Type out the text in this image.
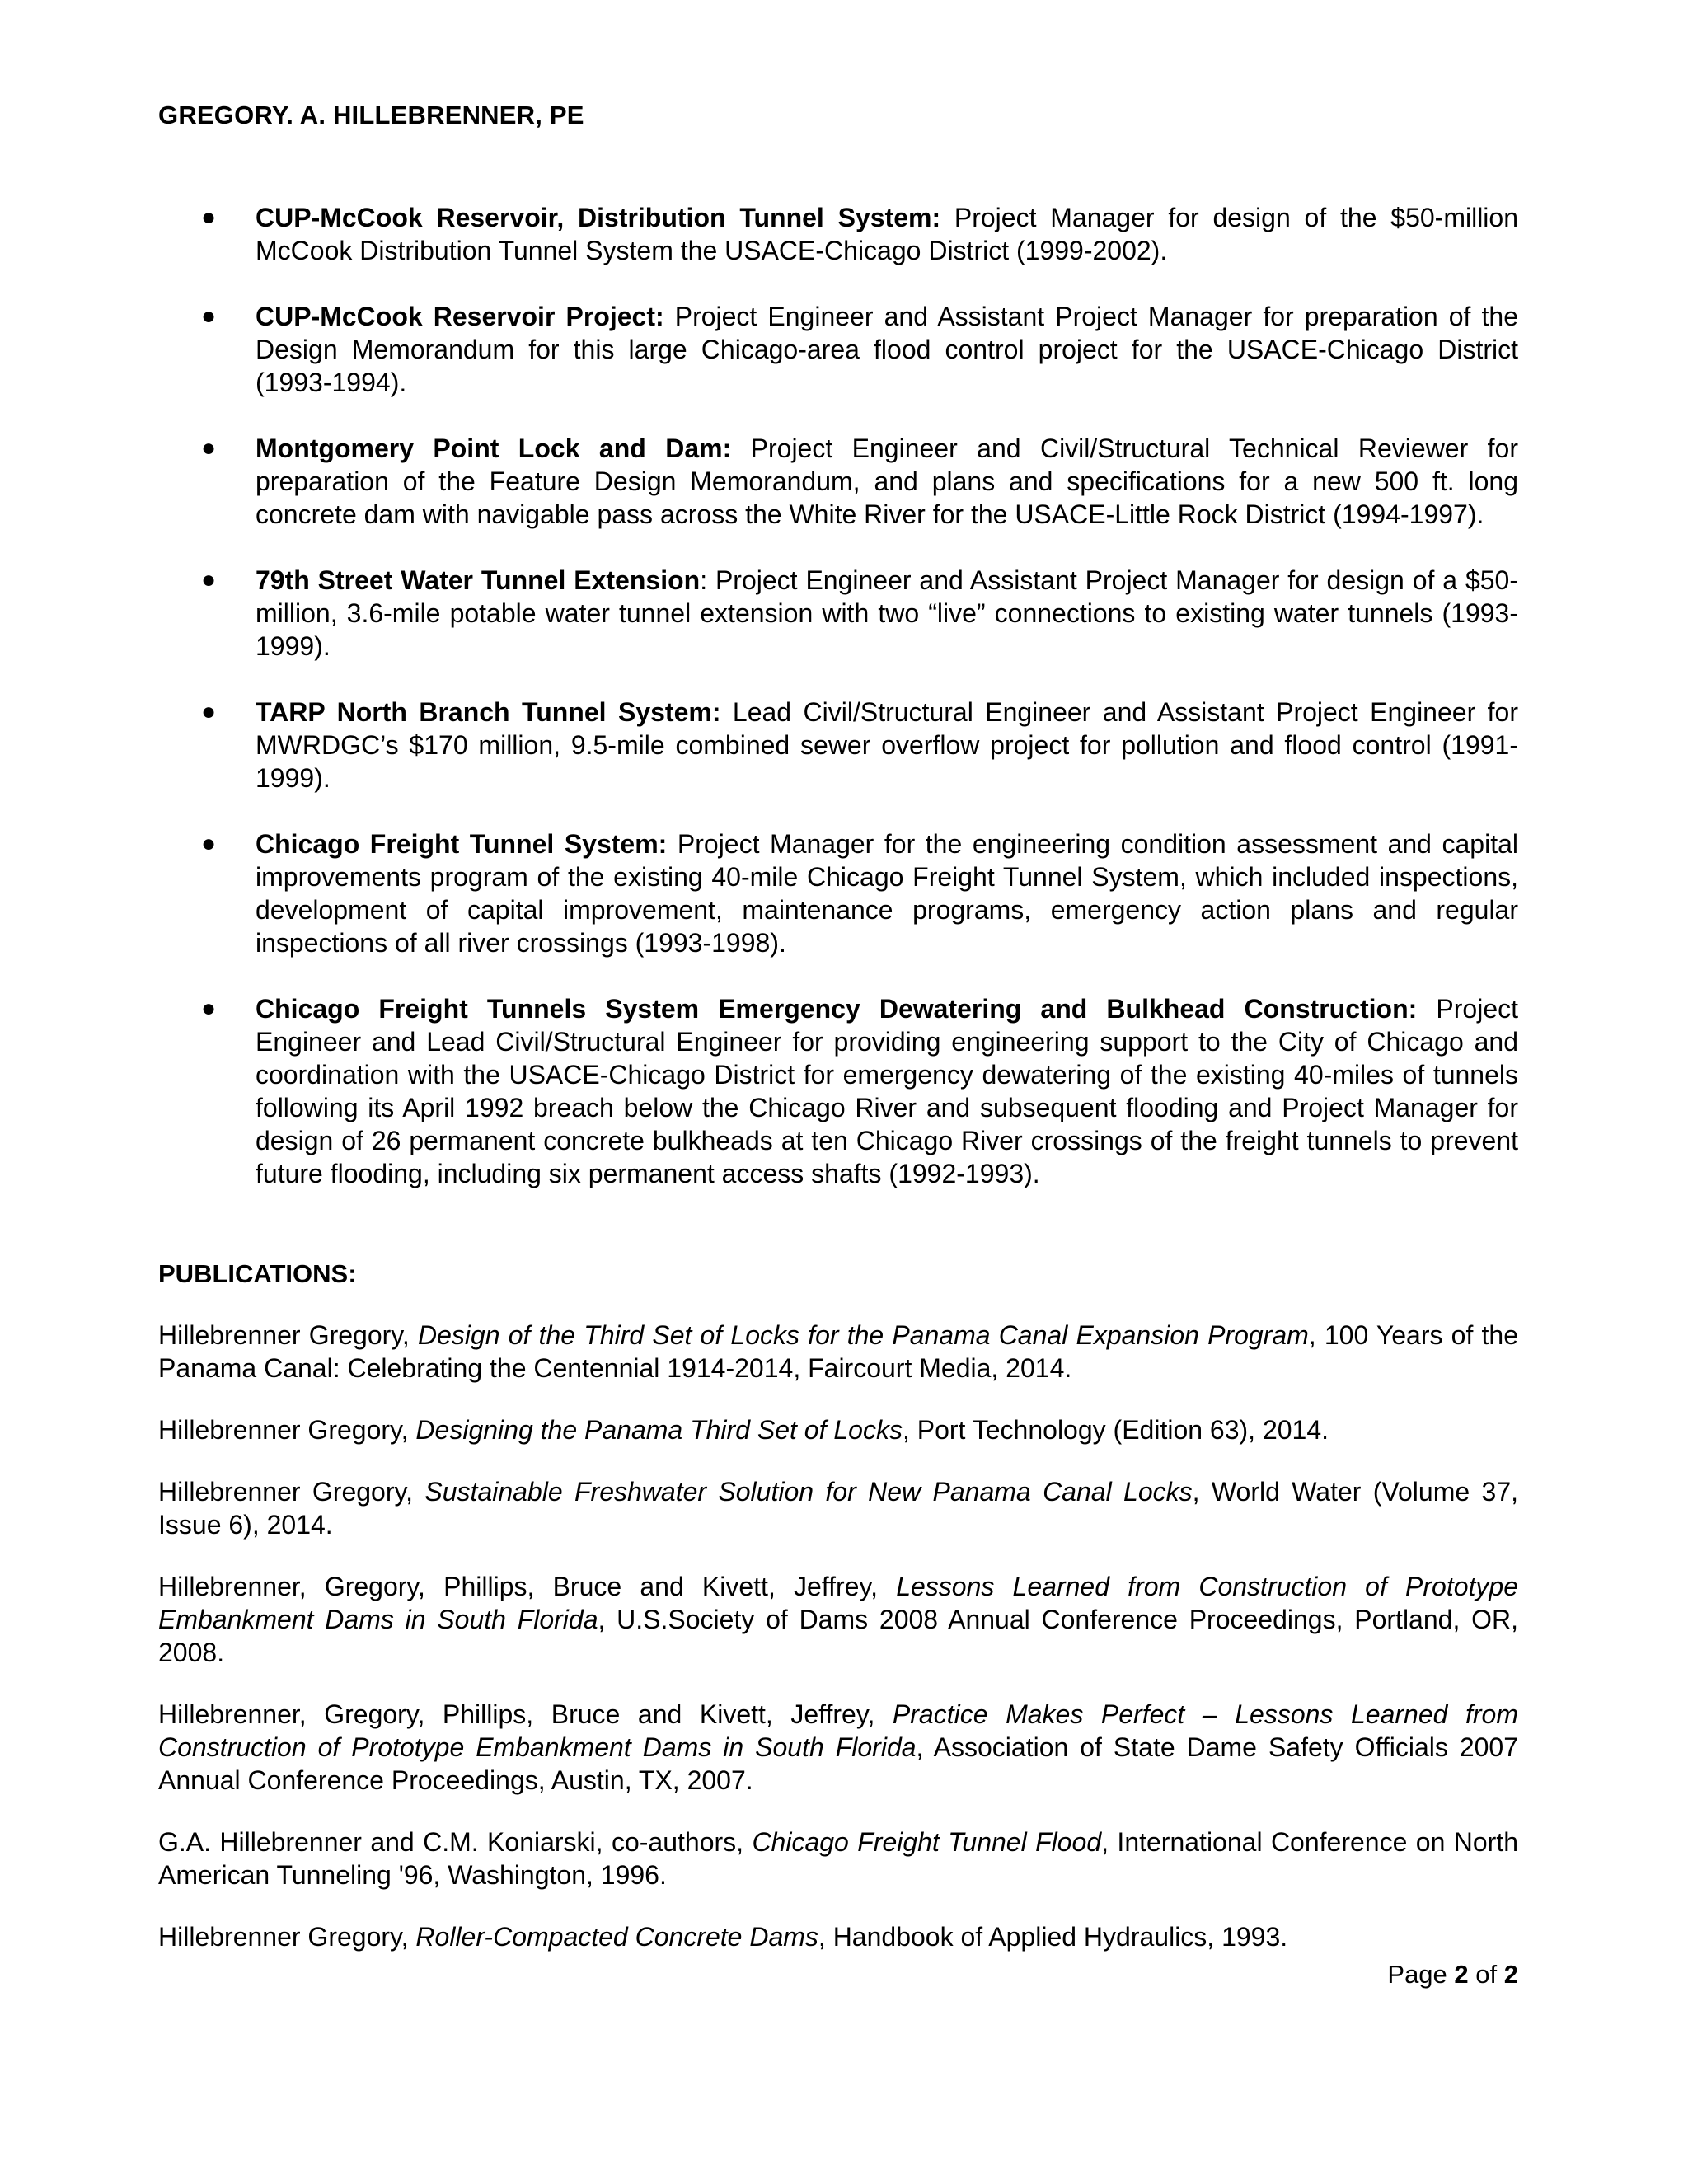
GREGORY. A. HILLEBRENNER, PE
● CUP-McCook Reservoir, Distribution Tunnel System: Project Manager for design of the $50-million McCook Distribution Tunnel System the USACE-Chicago District (1999-2002).
● CUP-McCook Reservoir Project: Project Engineer and Assistant Project Manager for preparation of the Design Memorandum for this large Chicago-area flood control project for the USACE-Chicago District (1993-1994).
● Montgomery Point Lock and Dam: Project Engineer and Civil/Structural Technical Reviewer for preparation of the Feature Design Memorandum, and plans and specifications for a new 500 ft. long concrete dam with navigable pass across the White River for the USACE-Little Rock District (1994-1997).
● 79th Street Water Tunnel Extension: Project Engineer and Assistant Project Manager for design of a $50-million, 3.6-mile potable water tunnel extension with two “live” connections to existing water tunnels (1993-1999).
● TARP North Branch Tunnel System: Lead Civil/Structural Engineer and Assistant Project Engineer for MWRDGC’s $170 million, 9.5-mile combined sewer overflow project for pollution and flood control (1991-1999).
● Chicago Freight Tunnel System: Project Manager for the engineering condition assessment and capital improvements program of the existing 40-mile Chicago Freight Tunnel System, which included inspections, development of capital improvement, maintenance programs, emergency action plans and regular inspections of all river crossings (1993-1998).
● Chicago Freight Tunnels System Emergency Dewatering and Bulkhead Construction: Project Engineer and Lead Civil/Structural Engineer for providing engineering support to the City of Chicago and coordination with the USACE-Chicago District for emergency dewatering of the existing 40-miles of tunnels following its April 1992 breach below the Chicago River and subsequent flooding and Project Manager for design of 26 permanent concrete bulkheads at ten Chicago River crossings of the freight tunnels to prevent future flooding, including six permanent access shafts (1992-1993).
PUBLICATIONS:

Hillebrenner Gregory, Design of the Third Set of Locks for the Panama Canal Expansion Program, 100 Years of the Panama Canal: Celebrating the Centennial 1914-2014, Faircourt Media, 2014.

Hillebrenner Gregory, Designing the Panama Third Set of Locks, Port Technology (Edition 63), 2014.

Hillebrenner Gregory, Sustainable Freshwater Solution for New Panama Canal Locks, World Water (Volume 37, Issue 6), 2014.

Hillebrenner, Gregory, Phillips, Bruce and Kivett, Jeffrey, Lessons Learned from Construction of Prototype Embankment Dams in South Florida, U.S.Society of Dams 2008 Annual Conference Proceedings, Portland, OR, 2008.

Hillebrenner, Gregory, Phillips, Bruce and Kivett, Jeffrey, Practice Makes Perfect – Lessons Learned from Construction of Prototype Embankment Dams in South Florida, Association of State Dame Safety Officials 2007 Annual Conference Proceedings, Austin, TX, 2007.

G.A. Hillebrenner and C.M. Koniarski, co-authors, Chicago Freight Tunnel Flood, International Conference on North American Tunneling '96, Washington, 1996.

Hillebrenner Gregory, Roller-Compacted Concrete Dams, Handbook of Applied Hydraulics, 1993.

Page 2 of 2
